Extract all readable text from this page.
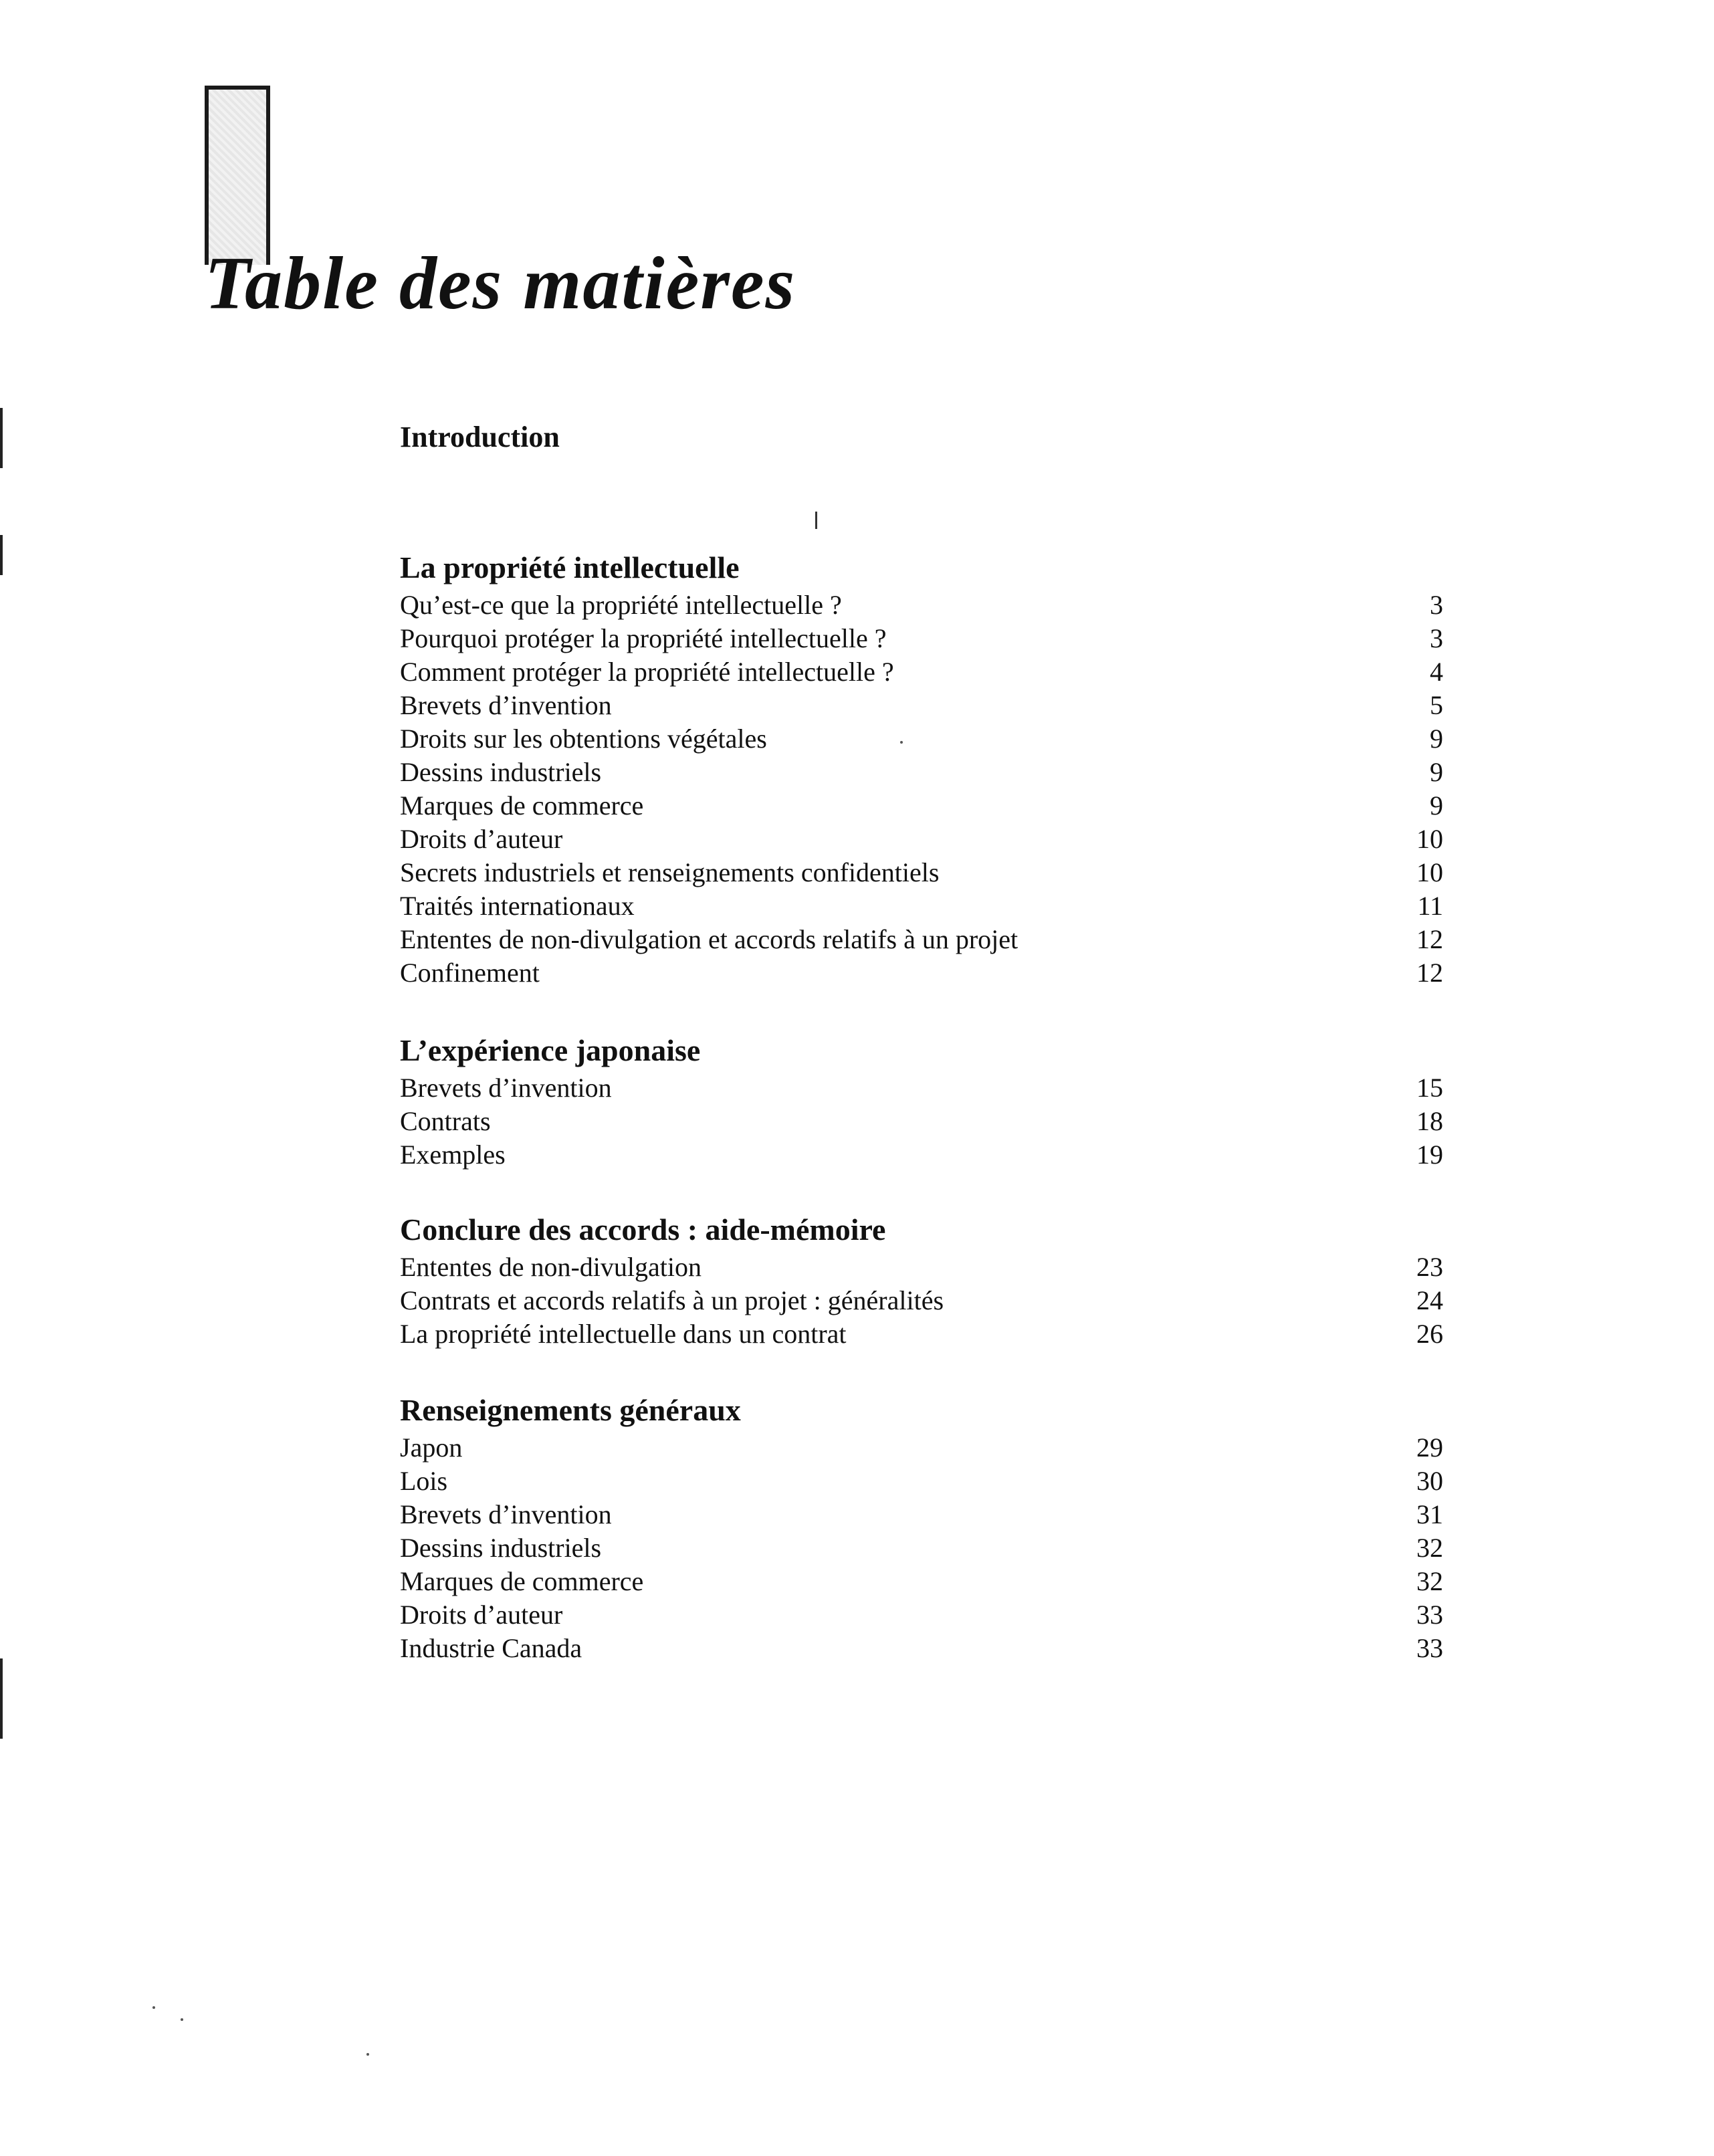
Table des matières
Introduction
La propriété intellectuelle
Qu’est-ce que la propriété intellectuelle ?	3
Pourquoi protéger la propriété intellectuelle ?	3
Comment protéger la propriété intellectuelle ?	4
Brevets d’invention	5
Droits sur les obtentions végétales	9
Dessins industriels	9
Marques de commerce	9
Droits d’auteur	10
Secrets industriels et renseignements confidentiels	10
Traités internationaux	11
Ententes de non-divulgation et accords relatifs à un projet	12
Confinement	12
L’expérience japonaise
Brevets d’invention	15
Contrats	18
Exemples	19
Conclure des accords : aide-mémoire
Ententes de non-divulgation	23
Contrats et accords relatifs à un projet : généralités	24
La propriété intellectuelle dans un contrat	26
Renseignements généraux
Japon	29
Lois	30
Brevets d’invention	31
Dessins industriels	32
Marques de commerce	32
Droits d’auteur	33
Industrie Canada	33
